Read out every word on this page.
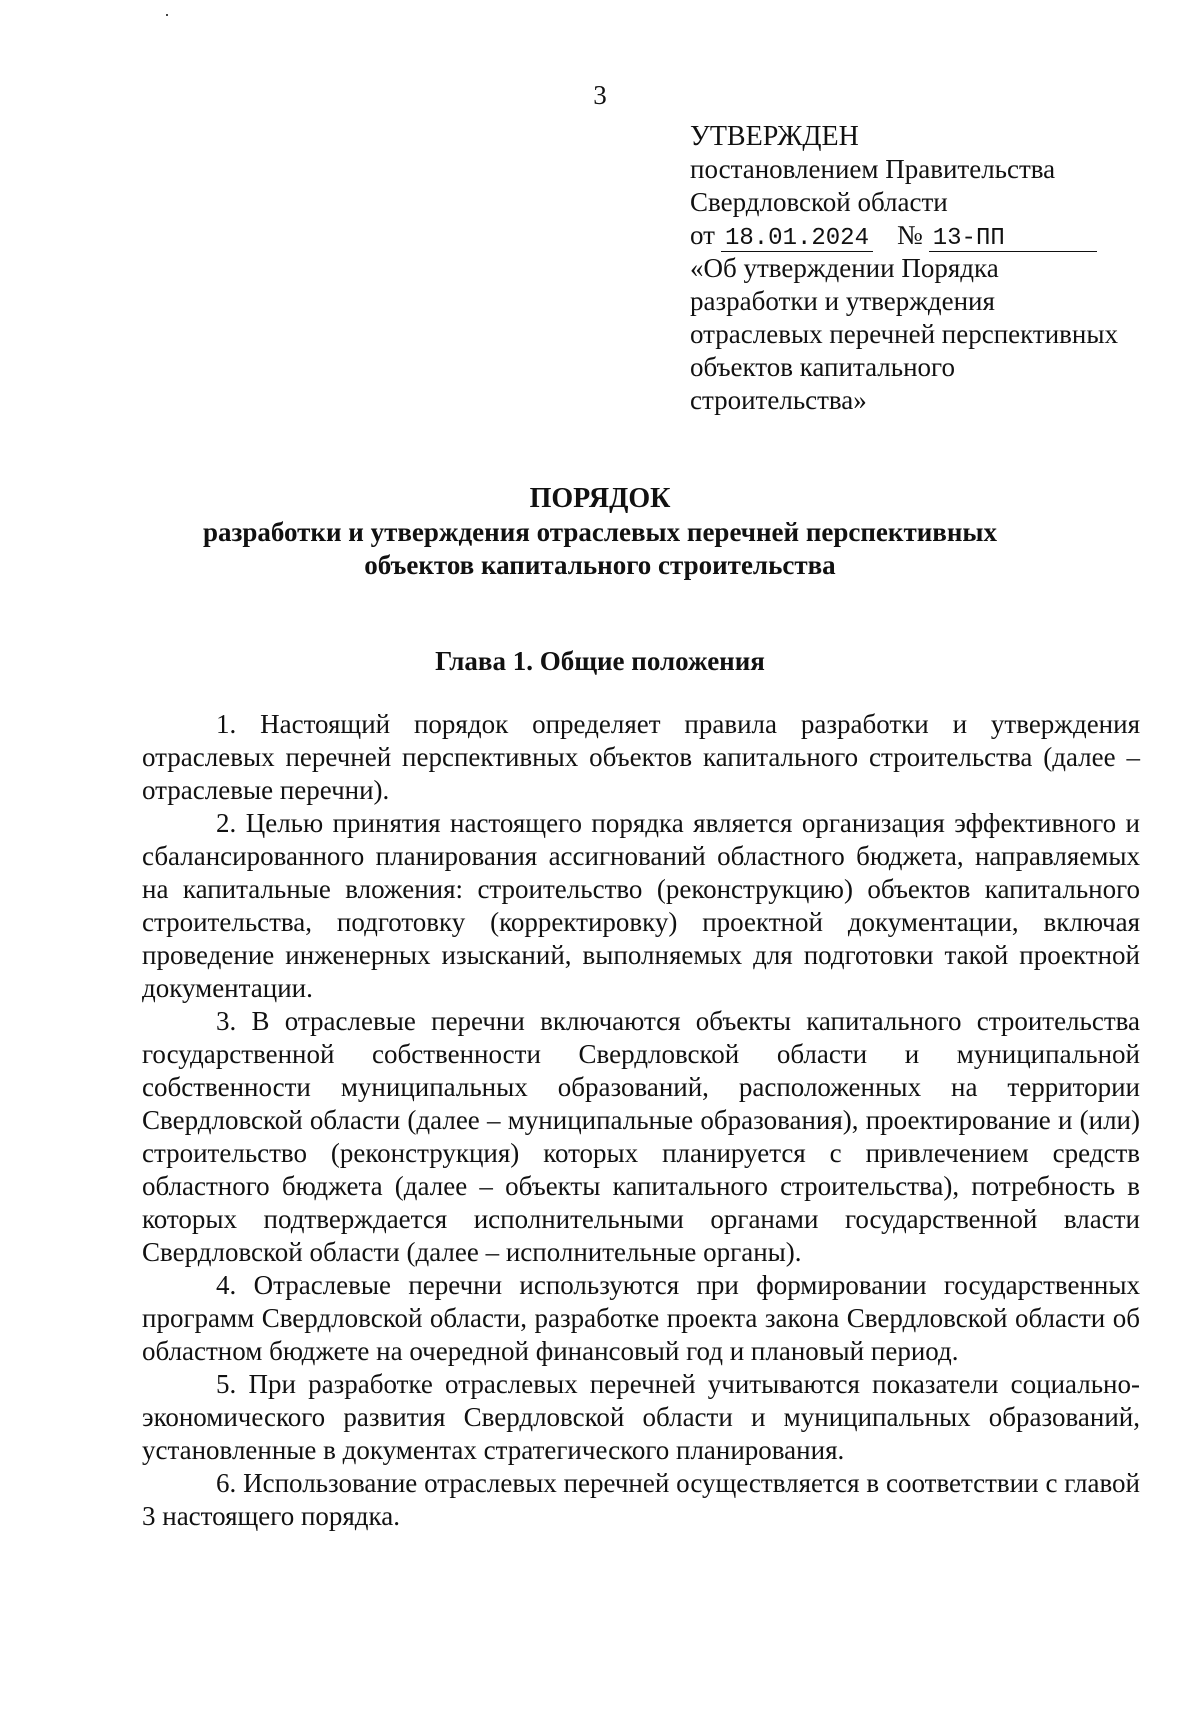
3
УТВЕРЖДЕН
постановлением Правительства
Свердловской области
от 18.01.2024 № 13-ПП
«Об утверждении Порядка
разработки и утверждения
отраслевых перечней перспективных
объектов капитального
строительства»
ПОРЯДОК
разработки и утверждения отраслевых перечней перспективных
объектов капитального строительства
Глава 1. Общие положения

1. Настоящий порядок определяет правила разработки и утверждения отраслевых перечней перспективных объектов капитального строительства (далее – отраслевые перечни).

2. Целью принятия настоящего порядка является организация эффективного и сбалансированного планирования ассигнований областного бюджета, направляемых на капитальные вложения: строительство (реконструкцию) объектов капитального строительства, подготовку (корректировку) проектной документации, включая проведение инженерных изысканий, выполняемых для подготовки такой проектной документации.

3. В отраслевые перечни включаются объекты капитального строительства государственной собственности Свердловской области и муниципальной собственности муниципальных образований, расположенных на территории Свердловской области (далее – муниципальные образования), проектирование и (или) строительство (реконструкция) которых планируется с привлечением средств областного бюджета (далее – объекты капитального строительства), потребность в которых подтверждается исполнительными органами государственной власти Свердловской области (далее – исполнительные органы).

4. Отраслевые перечни используются при формировании государственных программ Свердловской области, разработке проекта закона Свердловской области об областном бюджете на очередной финансовый год и плановый период.

5. При разработке отраслевых перечней учитываются показатели социально-экономического развития Свердловской области и муниципальных образований, установленные в документах стратегического планирования.

6. Использование отраслевых перечней осуществляется в соответствии с главой 3 настоящего порядка.
